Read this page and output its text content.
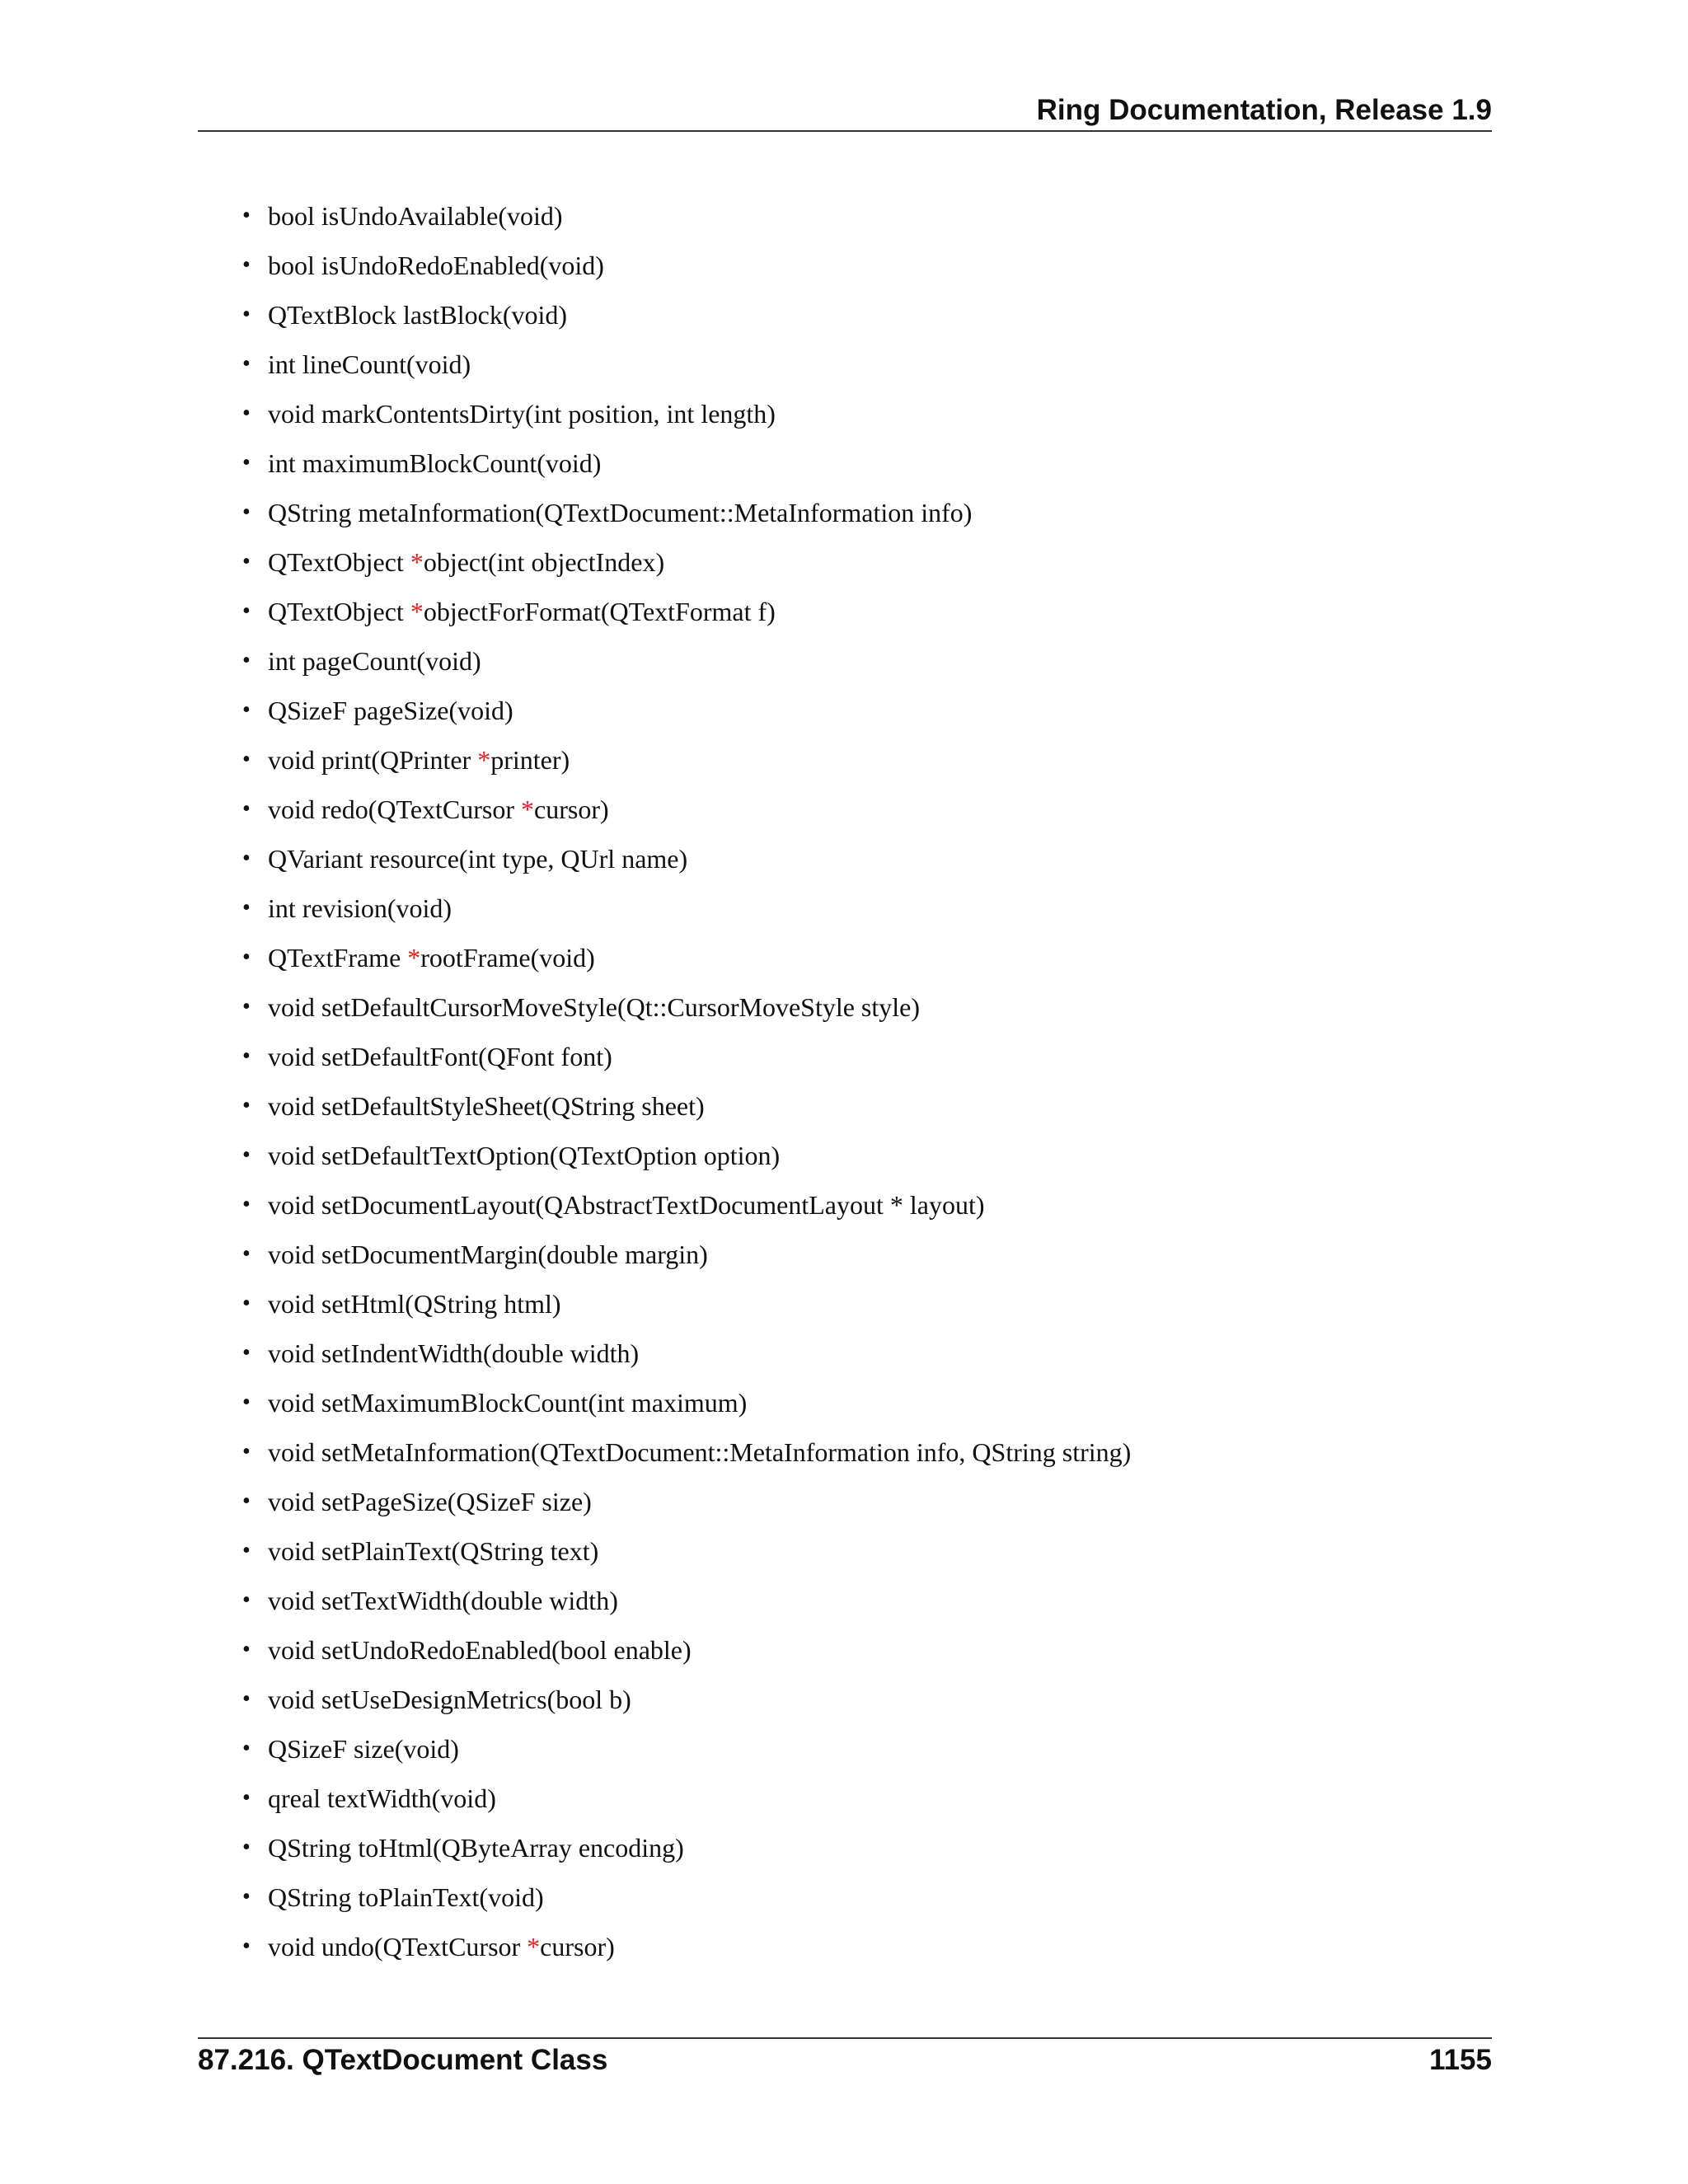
Ring Documentation, Release 1.9
• bool isUndoAvailable(void)
• bool isUndoRedoEnabled(void)
• QTextBlock lastBlock(void)
• int lineCount(void)
• void markContentsDirty(int position, int length)
• int maximumBlockCount(void)
• QString metaInformation(QTextDocument::MetaInformation info)
• QTextObject *object(int objectIndex)
• QTextObject *objectForFormat(QTextFormat f)
• int pageCount(void)
• QSizeF pageSize(void)
• void print(QPrinter *printer)
• void redo(QTextCursor *cursor)
• QVariant resource(int type, QUrl name)
• int revision(void)
• QTextFrame *rootFrame(void)
• void setDefaultCursorMoveStyle(Qt::CursorMoveStyle style)
• void setDefaultFont(QFont font)
• void setDefaultStyleSheet(QString sheet)
• void setDefaultTextOption(QTextOption option)
• void setDocumentLayout(QAbstractTextDocumentLayout * layout)
• void setDocumentMargin(double margin)
• void setHtml(QString html)
• void setIndentWidth(double width)
• void setMaximumBlockCount(int maximum)
• void setMetaInformation(QTextDocument::MetaInformation info, QString string)
• void setPageSize(QSizeF size)
• void setPlainText(QString text)
• void setTextWidth(double width)
• void setUndoRedoEnabled(bool enable)
• void setUseDesignMetrics(bool b)
• QSizeF size(void)
• qreal textWidth(void)
• QString toHtml(QByteArray encoding)
• QString toPlainText(void)
• void undo(QTextCursor *cursor)
87.216. QTextDocument Class	1155
